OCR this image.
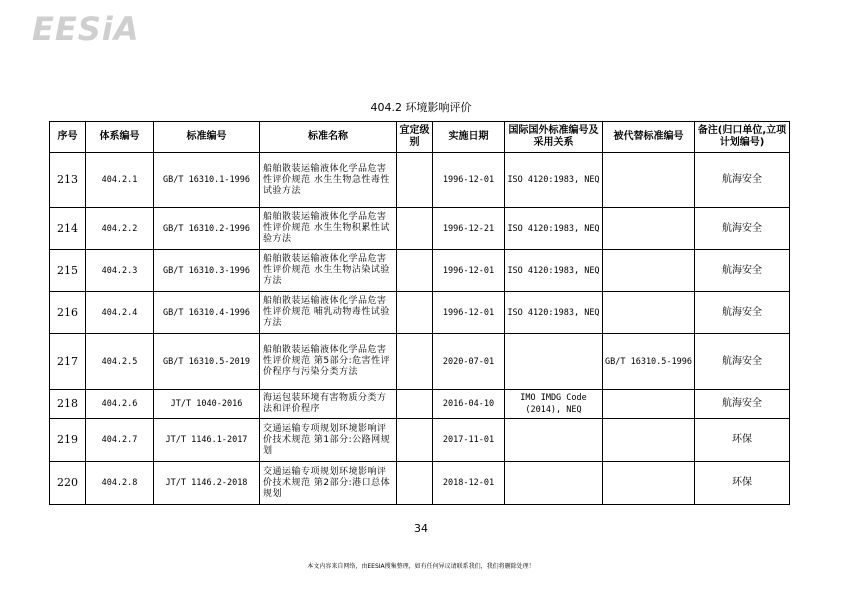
EESiA
404.2 环境影响评价
序号	体系编号	标准编号	标准名称	宜定级别	实施日期	国际国外标准编号及采用关系	被代替标准编号	备注(归口单位,立项计划编号)
213	404.2.1	GB/T 16310.1-1996	船舶散装运输液体化学品危害性评价规范 水生生物急性毒性试验方法		1996-12-01	ISO 4120:1983, NEQ		航海安全
214	404.2.2	GB/T 16310.2-1996	船舶散装运输液体化学品危害性评价规范 水生生物积累性试验方法		1996-12-21	ISO 4120:1983, NEQ		航海安全
215	404.2.3	GB/T 16310.3-1996	船舶散装运输液体化学品危害性评价规范 水生生物沾染试验方法		1996-12-01	ISO 4120:1983, NEQ		航海安全
216	404.2.4	GB/T 16310.4-1996	船舶散装运输液体化学品危害性评价规范 哺乳动物毒性试验方法		1996-12-01	ISO 4120:1983, NEQ		航海安全
217	404.2.5	GB/T 16310.5-2019	船舶散装运输液体化学品危害性评价规范 第5部分:危害性评价程序与污染分类方法		2020-07-01		GB/T 16310.5-1996	航海安全
218	404.2.6	JT/T 1040-2016	海运包装环境有害物质分类方法和评价程序		2016-04-10	IMO IMDG Code (2014), NEQ		航海安全
219	404.2.7	JT/T 1146.1-2017	交通运输专项规划环境影响评价技术规范 第1部分:公路网规划		2017-11-01			环保
220	404.2.8	JT/T 1146.2-2018	交通运输专项规划环境影响评价技术规范 第2部分:港口总体规划		2018-12-01			环保
34
本文内容来自网络，由EESIA搜集整理，如有任何异议请联系我们，我们将删除处理！
